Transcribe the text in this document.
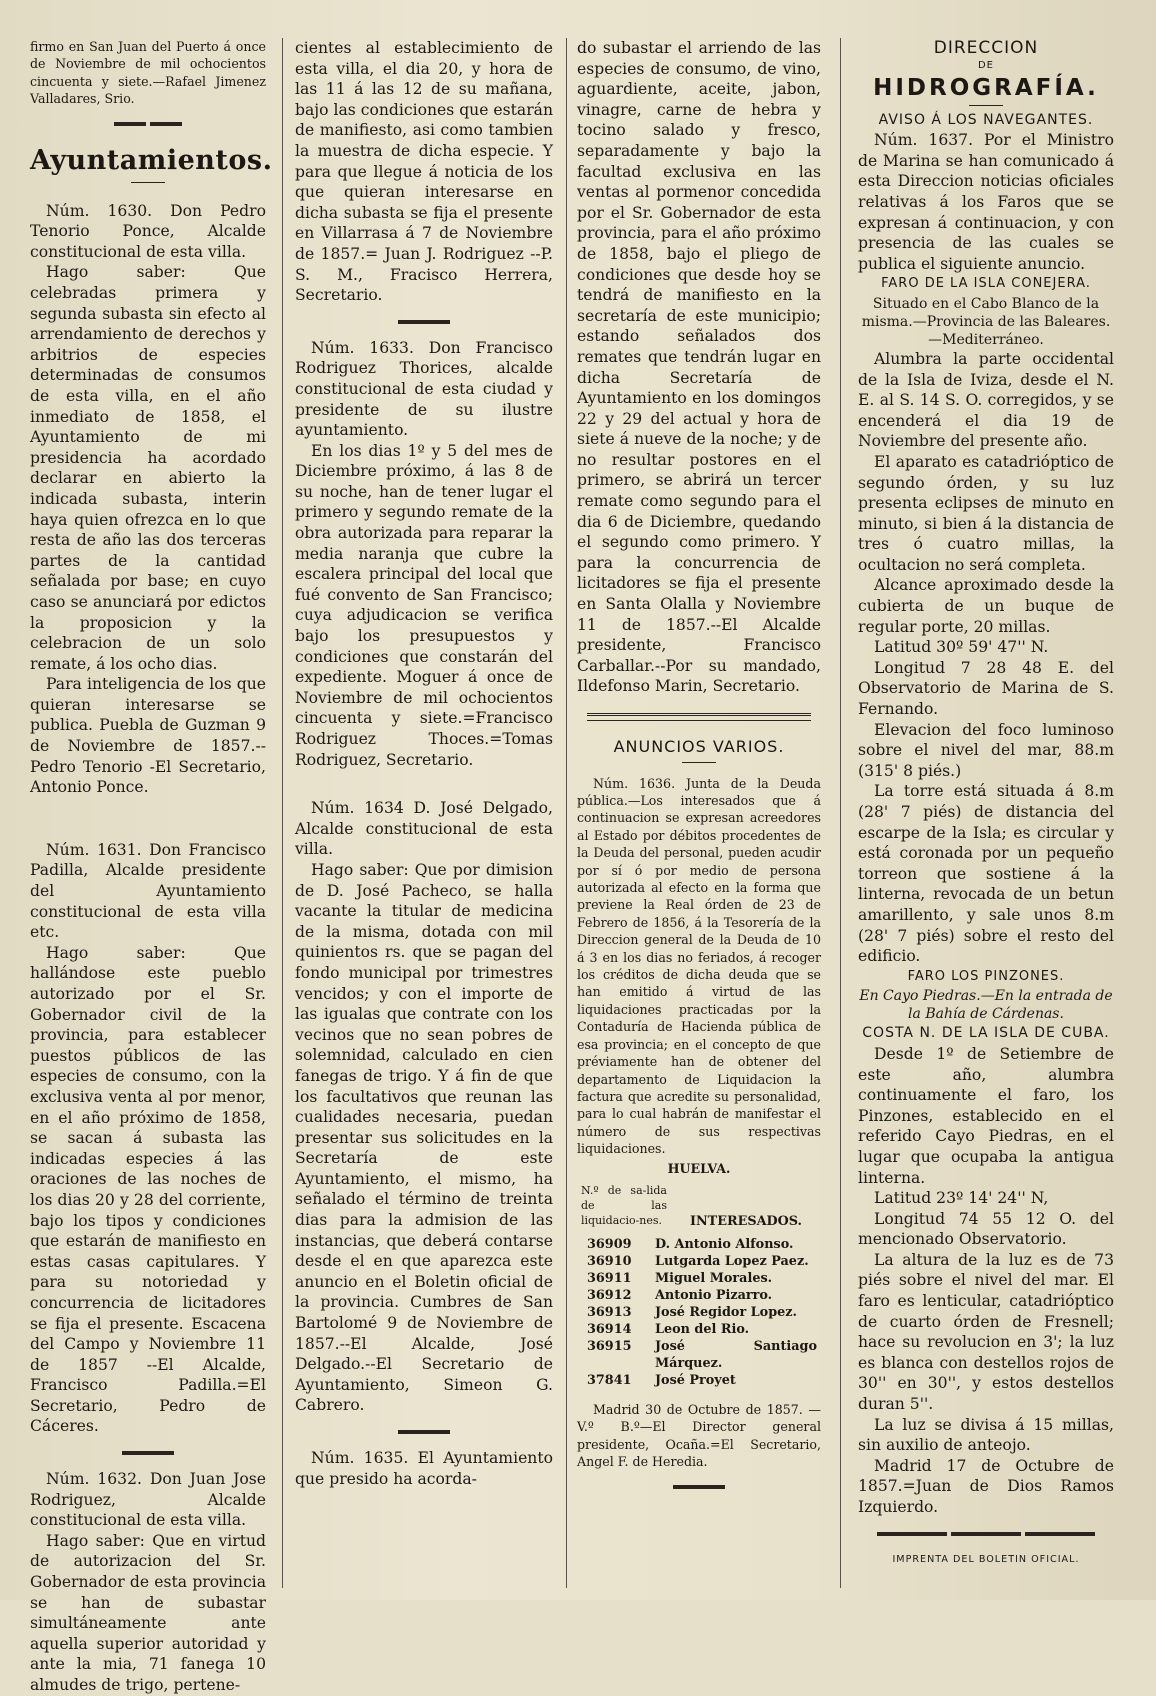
firmo en San Juan del Puerto á once de Noviembre de mil ochocientos cincuenta y siete.—Rafael Jimenez Valladares, Srio.

Ayuntamientos.

Núm. 1630. Don Pedro Tenorio Ponce, Alcalde constitucional de esta villa.

Hago saber: Que celebradas primera y segunda subasta sin efecto al arrendamiento de derechos y arbitrios de especies determinadas de consumos de esta villa, en el año inmediato de 1858, el Ayuntamiento de mi presidencia ha acordado declarar en abierto la indicada subasta, interin haya quien ofrezca en lo que resta de año las dos terceras partes de la cantidad señalada por base; en cuyo caso se anunciará por edictos la proposicion y la celebracion de un solo remate, á los ocho dias.

Para inteligencia de los que quieran interesarse se publica. Puebla de Guzman 9 de Noviembre de 1857.--Pedro Tenorio -El Secretario, Antonio Ponce.

Núm. 1631. Don Francisco Padilla, Alcalde presidente del Ayuntamiento constitucional de esta villa etc.

Hago saber: Que hallándose este pueblo autorizado por el Sr. Gobernador civil de la provincia, para establecer puestos públicos de las especies de consumo, con la exclusiva venta al por menor, en el año próximo de 1858, se sacan á subasta las indicadas especies á las oraciones de las noches de los dias 20 y 28 del corriente, bajo los tipos y condiciones que estarán de manifiesto en estas casas capitulares. Y para su notoriedad y concurrencia de licitadores se fija el presente. Escacena del Campo y Noviembre 11 de 1857 --El Alcalde, Francisco Padilla.=El Secretario, Pedro de Cáceres.

Núm. 1632. Don Juan Jose Rodriguez, Alcalde constitucional de esta villa.

Hago saber: Que en virtud de autorizacion del Sr. Gobernador de esta provincia se han de subastar simultáneamente ante aquella superior autoridad y ante la mia, 71 fanega 10 almudes de trigo, pertene-

cientes al establecimiento de esta villa, el dia 20, y hora de las 11 á las 12 de su mañana, bajo las condiciones que estarán de manifiesto, asi como tambien la muestra de dicha especie. Y para que llegue á noticia de los que quieran interesarse en dicha subasta se fija el presente en Villarrasa á 7 de Noviembre de 1857.= Juan J. Rodriguez --P. S. M., Fracisco Herrera, Secretario.

Núm. 1633. Don Francisco Rodriguez Thorices, alcalde constitucional de esta ciudad y presidente de su ilustre ayuntamiento.

En los dias 1º y 5 del mes de Diciembre próximo, á las 8 de su noche, han de tener lugar el primero y segundo remate de la obra autorizada para reparar la media naranja que cubre la escalera principal del local que fué convento de San Francisco; cuya adjudicacion se verifica bajo los presupuestos y condiciones que constarán del expediente. Moguer á once de Noviembre de mil ochocientos cincuenta y siete.=Francisco Rodriguez Thoces.=Tomas Rodriguez, Secretario.

Núm. 1634 D. José Delgado, Alcalde constitucional de esta villa.

Hago saber: Que por dimision de D. José Pacheco, se halla vacante la titular de medicina de la misma, dotada con mil quinientos rs. que se pagan del fondo municipal por trimestres vencidos; y con el importe de las igualas que contrate con los vecinos que no sean pobres de solemnidad, calculado en cien fanegas de trigo. Y á fin de que los facultativos que reunan las cualidades necesaria, puedan presentar sus solicitudes en la Secretaría de este Ayuntamiento, el mismo, ha señalado el término de treinta dias para la admision de las instancias, que deberá contarse desde el en que aparezca este anuncio en el Boletin oficial de la provincia. Cumbres de San Bartolomé 9 de Noviembre de 1857.--El Alcalde, José Delgado.--El Secretario de Ayuntamiento, Simeon G. Cabrero.

Núm. 1635. El Ayuntamiento que presido ha acorda-

do subastar el arriendo de las especies de consumo, de vino, aguardiente, aceite, jabon, vinagre, carne de hebra y tocino salado y fresco, separadamente y bajo la facultad exclusiva en las ventas al pormenor concedida por el Sr. Gobernador de esta provincia, para el año próximo de 1858, bajo el pliego de condiciones que desde hoy se tendrá de manifiesto en la secretaría de este municipio; estando señalados dos remates que tendrán lugar en dicha Secretaría de Ayuntamiento en los domingos 22 y 29 del actual y hora de siete á nueve de la noche; y de no resultar postores en el primero, se abrirá un tercer remate como segundo para el dia 6 de Diciembre, quedando el segundo como primero. Y para la concurrencia de licitadores se fija el presente en Santa Olalla y Noviembre 11 de 1857.--El Alcalde presidente, Francisco Carballar.--Por su mandado, Ildefonso Marin, Secretario.

ANUNCIOS VARIOS.

Núm. 1636. Junta de la Deuda pública.—Los interesados que á continuacion se expresan acreedores al Estado por débitos procedentes de la Deuda del personal, pueden acudir por sí ó por medio de persona autorizada al efecto en la forma que previene la Real órden de 23 de Febrero de 1856, á la Tesorería de la Direccion general de la Deuda de 10 á 3 en los dias no feriados, á recoger los créditos de dicha deuda que se han emitido á virtud de las liquidaciones practicadas por la Contaduría de Hacienda pública de esa provincia; en el concepto de que préviamente han de obtener del departamento de Liquidacion la factura que acredite su personalidad, para lo cual habrán de manifestar el número de sus respectivas liquidaciones.

HUELVA.
N.º de sa-lida de las liquidacio-nes.	INTERESADOS.
36909	D. Antonio Alfonso.
36910	Lutgarda Lopez Paez.
36911	Miguel Morales.
36912	Antonio Pizarro.
36913	José Regidor Lopez.
36914	Leon del Rio.
36915	José Santiago Márquez.
37841	José Proyet

Madrid 30 de Octubre de 1857. —V.º B.º—El Director general presidente, Ocaña.=El Secretario, Angel F. de Heredia.

DIRECCION
DE
HIDROGRAFÍA.
AVISO Á LOS NAVEGANTES.

Núm. 1637. Por el Ministro de Marina se han comunicado á esta Direccion noticias oficiales relativas á los Faros que se expresan á continuacion, y con presencia de las cuales se publica el siguiente anuncio.

FARO DE LA ISLA CONEJERA.

Situado en el Cabo Blanco de la misma.—Provincia de las Baleares.—Mediterráneo.

Alumbra la parte occidental de la Isla de Iviza, desde el N. E. al S. 14 S. O. corregidos, y se encenderá el dia 19 de Noviembre del presente año.

El aparato es catadrióptico de segundo órden, y su luz presenta eclipses de minuto en minuto, si bien á la distancia de tres ó cuatro millas, la ocultacion no será completa.

Alcance aproximado desde la cubierta de un buque de regular porte, 20 millas.

Latitud 30º 59' 47'' N.

Longitud 7 28 48 E. del Observatorio de Marina de S. Fernando.

Elevacion del foco luminoso sobre el nivel del mar, 88.m (315' 8 piés.)

La torre está situada á 8.m (28' 7 piés) de distancia del escarpe de la Isla; es circular y está coronada por un pequeño torreon que sostiene á la linterna, revocada de un betun amarillento, y sale unos 8.m (28' 7 piés) sobre el resto del edificio.

FARO LOS PINZONES.

En Cayo Piedras.—En la entrada de la Bahía de Cárdenas.

COSTA N. DE LA ISLA DE CUBA.

Desde 1º de Setiembre de este año, alumbra continuamente el faro, los Pinzones, establecido en el referido Cayo Piedras, en el lugar que ocupaba la antigua linterna.

Latitud 23º 14' 24'' N,

Longitud 74 55 12 O. del mencionado Observatorio.

La altura de la luz es de 73 piés sobre el nivel del mar. El faro es lenticular, catadrióptico de cuarto órden de Fresnell; hace su revolucion en 3'; la luz es blanca con destellos rojos de 30'' en 30'', y estos destellos duran 5''.

La luz se divisa á 15 millas, sin auxilio de anteojo.

Madrid 17 de Octubre de 1857.=Juan de Dios Ramos Izquierdo.

IMPRENTA DEL BOLETIN OFICIAL.
